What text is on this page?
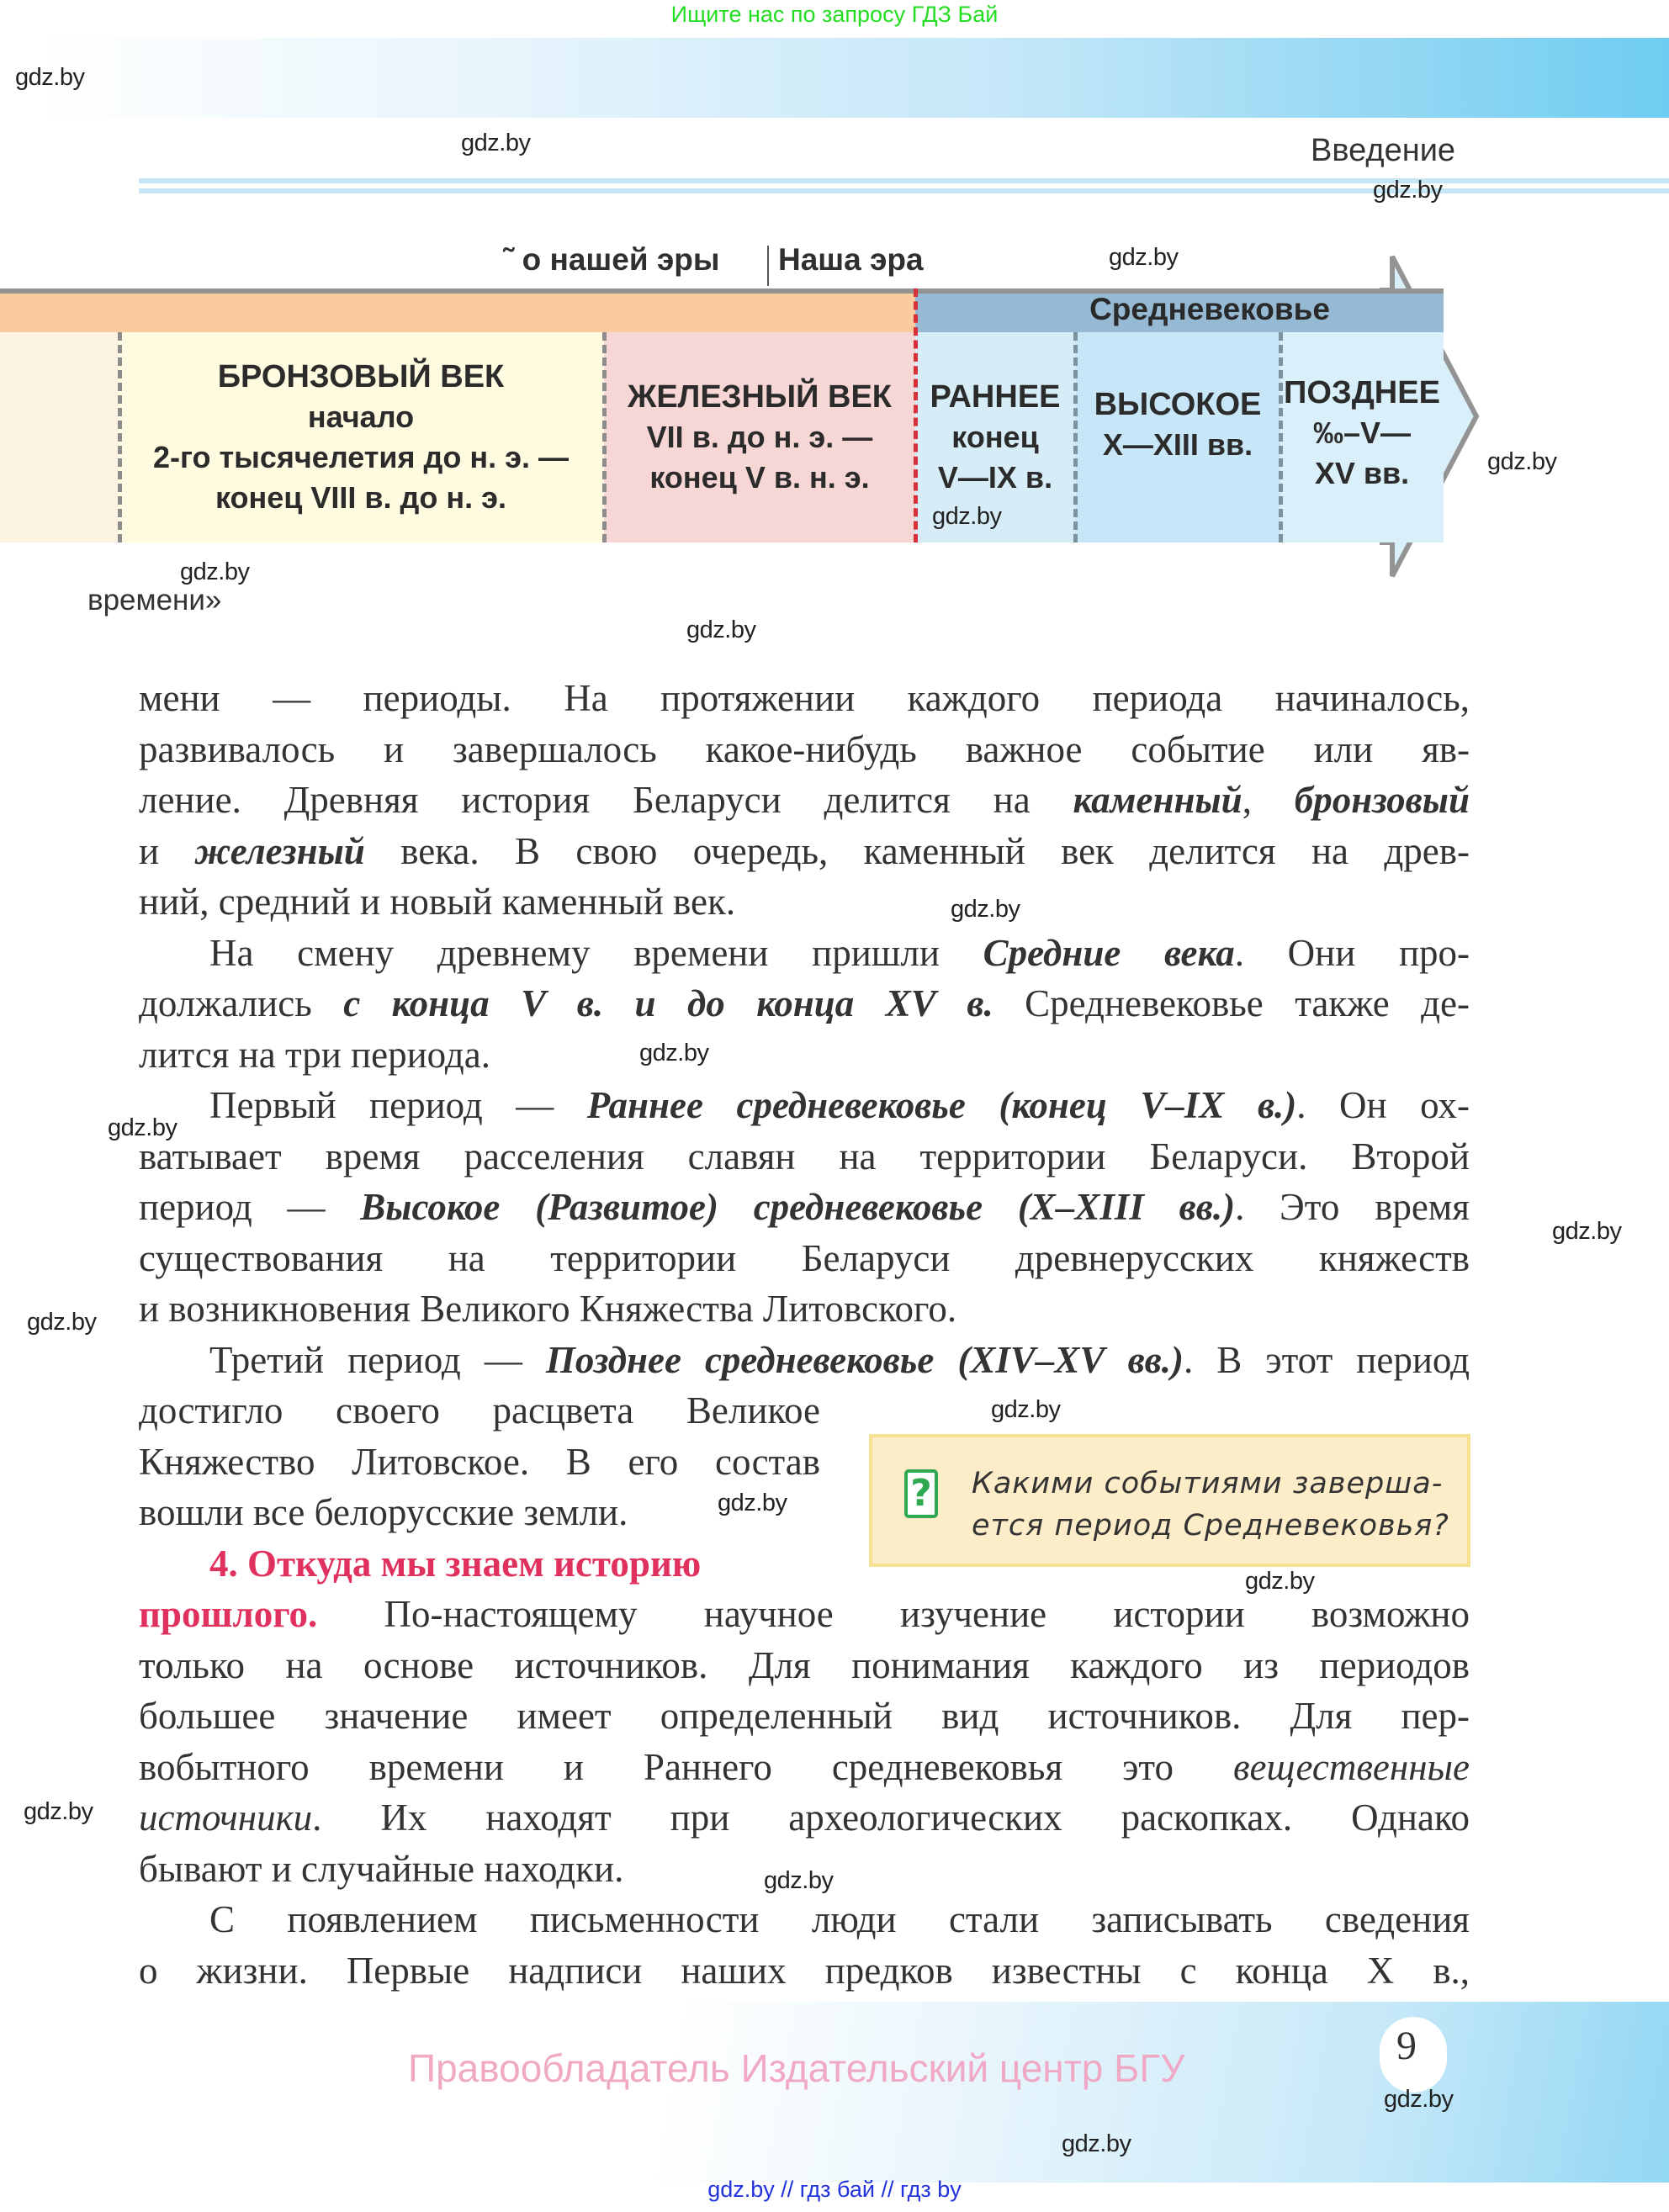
Ищите нас по запросу ГДЗ Бай
Введение
˜ о нашей эры Наша эра
Средневековье
БРОНЗОВЫЙ ВЕК
начало
2-го тысячелетия до н. э. —
конец VIII в. до н. э.
ЖЕЛЕЗНЫЙ ВЕК
VII в. до н. э. —
конец V в. н. э.
РАННЕЕ
конец
V—IX в.
ВЫСОКОЕ
X—XIII вв.
ПОЗДНЕЕ
‰–V—
XV вв.
времени»
мени — периоды. На протяжении каждого периода начиналось,
развивалось и завершалось какое-нибудь важное событие или яв-
ление. Древняя история Беларуси делится на каменный, бронзовый
и железный века. В свою очередь, каменный век делится на древ-
ний, средний и новый каменный век.
На смену древнему времени пришли Средние века. Они про-
должались с конца V в. и до конца XV в. Средневековье также де-
лится на три периода.
Первый период — Раннее средневековье (конец V–IX в.). Он ох-
ватывает время расселения славян на территории Беларуси. Второй
период — Высокое (Развитое) средневековье (X–XIII вв.). Это время
существования на территории Беларуси древнерусских княжеств
и возникновения Великого Княжества Литовского.
Третий период — Позднее средневековье (XIV–XV вв.). В этот период
достигло своего расцвета Великое
Княжество Литовское. В его состав
вошли все белорусские земли.
4. Откуда мы знаем историю
прошлого. По-настоящему научное изучение истории возможно
только на основе источников. Для понимания каждого из периодов
большее значение имеет определенный вид источников. Для пер-
вобытного времени и Раннего средневековья это вещественные
источники. Их находят при археологических раскопках. Однако
бывают и случайные находки.
С появлением письменности люди стали записывать сведения
о жизни. Первые надписи наших предков известны с конца X в.,
? Какими событиями заверша-
ется период Средневековья?
gdz.by
gdz.by
gdz.by
gdz.by
gdz.by
gdz.by
gdz.by
gdz.by
gdz.by
gdz.by
gdz.by
gdz.by
gdz.by
gdz.by
gdz.by
gdz.by
gdz.by
gdz.by
Правообладатель Издательский центр БГУ	9
gdz.by
gdz.by
gdz.by // гдз бай // гдз by
